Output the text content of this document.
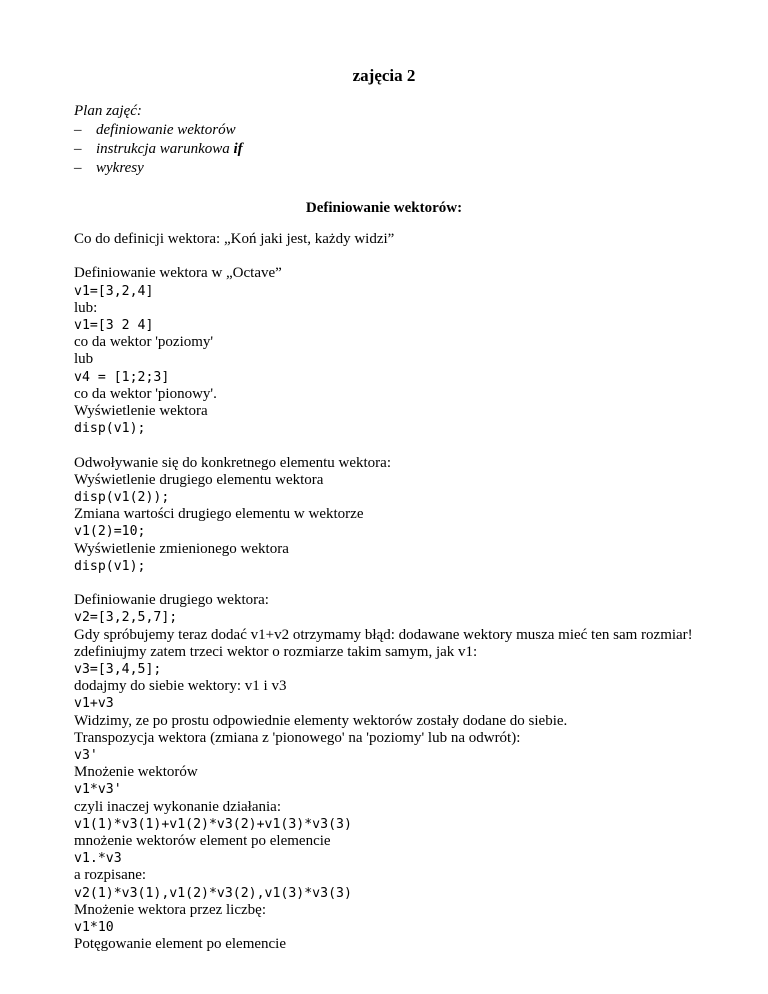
zajęcia 2
Plan zajęć:
– definiowanie wektorów
– instrukcja warunkowa if
– wykresy
Definiowanie wektorów:
Co do definicji wektora: „Koń jaki jest, każdy widzi”
Definiowanie wektora w „Octave”
v1=[3,2,4]
lub:
v1=[3 2 4]
co da wektor 'poziomy'
lub
v4 = [1;2;3]
co da wektor 'pionowy'.
Wyświetlenie wektora
disp(v1);
Odwoływanie się do konkretnego elementu wektora:
Wyświetlenie drugiego elementu wektora
disp(v1(2));
Zmiana wartości drugiego elementu w wektorze
v1(2)=10;
Wyświetlenie zmienionego wektora
disp(v1);
Definiowanie drugiego wektora:
v2=[3,2,5,7];
Gdy spróbujemy teraz dodać v1+v2 otrzymamy błąd: dodawane wektory musza mieć ten sam rozmiar!
zdefiniujmy zatem trzeci wektor o rozmiarze takim samym, jak v1:
v3=[3,4,5];
dodajmy do siebie wektory: v1 i v3
v1+v3
Widzimy, ze po prostu odpowiednie elementy wektorów zostały dodane do siebie.
Transpozycja wektora (zmiana z 'pionowego' na 'poziomy' lub na odwrót):
v3'
Mnożenie wektorów
v1*v3'
czyli inaczej wykonanie działania:
v1(1)*v3(1)+v1(2)*v3(2)+v1(3)*v3(3)
mnożenie wektorów element po elemencie
v1.*v3
a rozpisane:
v2(1)*v3(1),v1(2)*v3(2),v1(3)*v3(3)
Mnożenie wektora przez liczbę:
v1*10
Potęgowanie element po elemencie
